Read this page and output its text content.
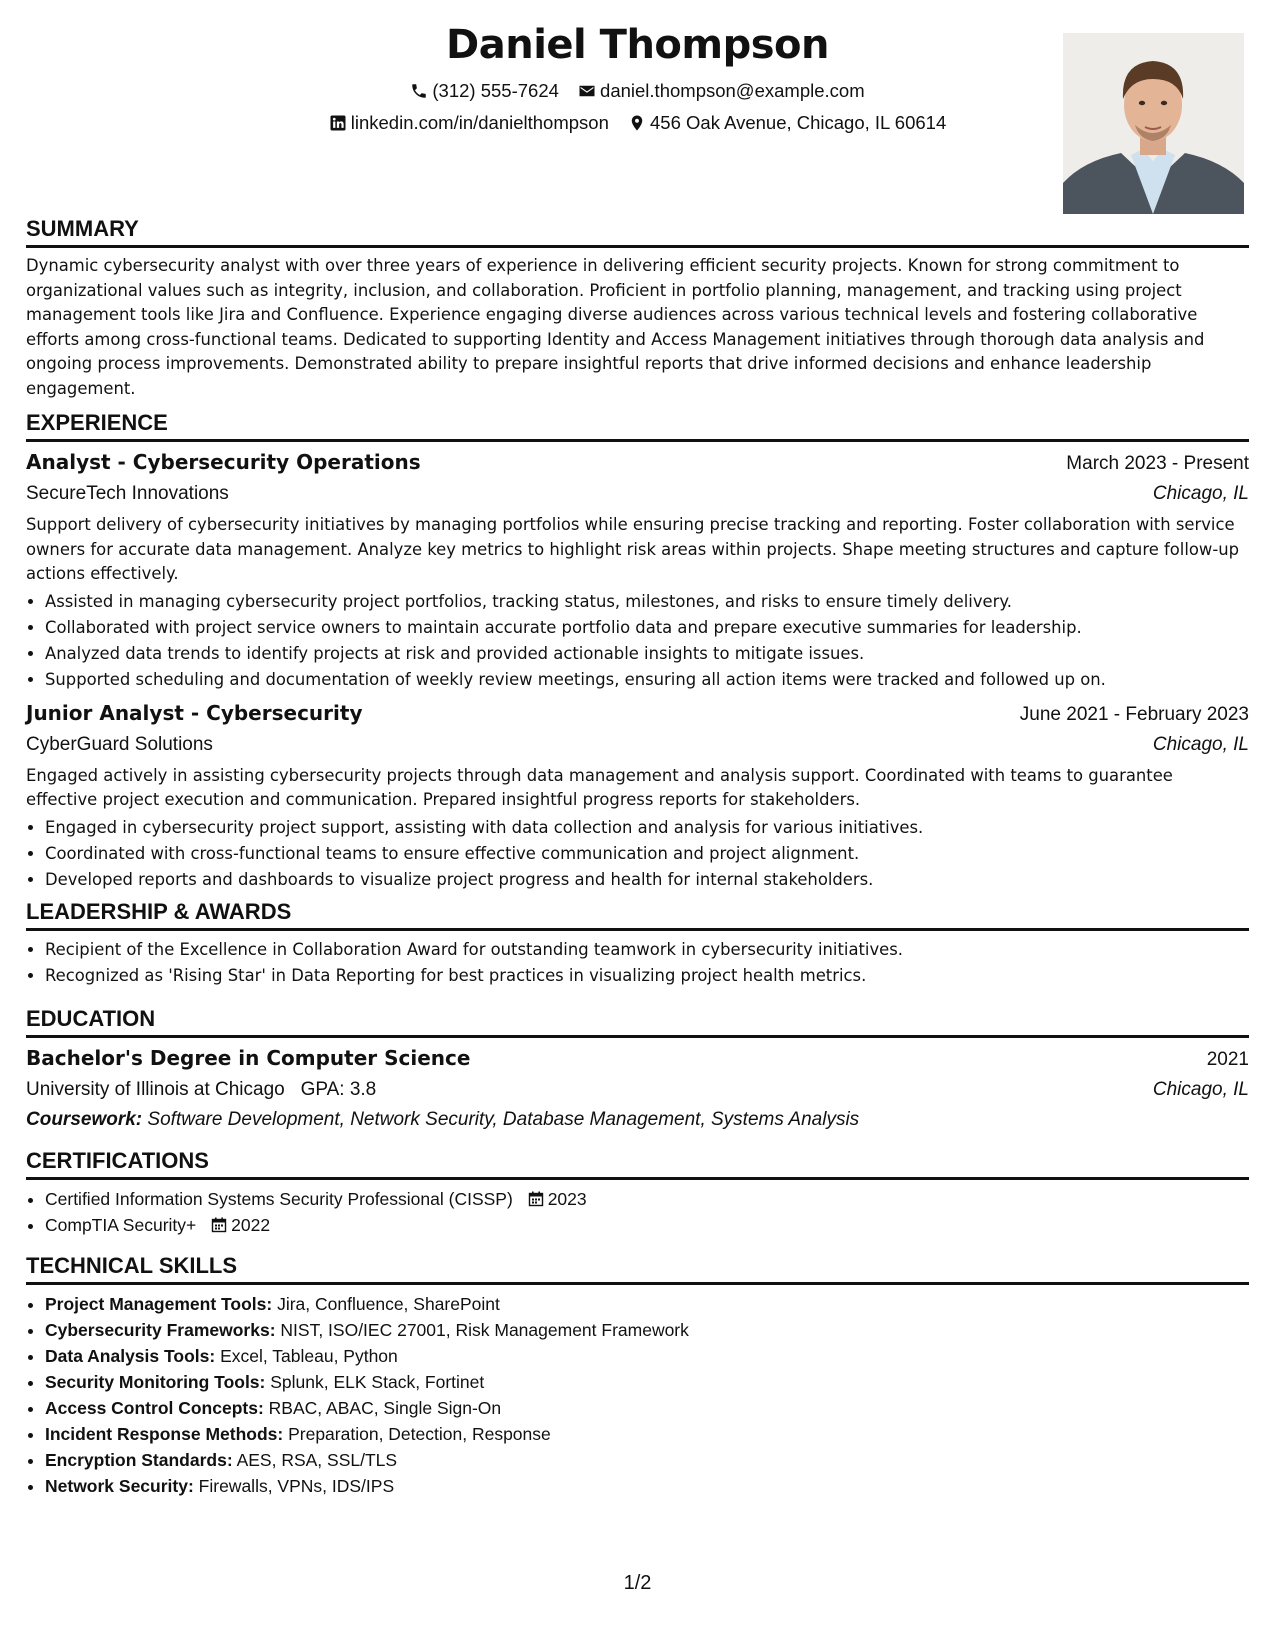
Daniel Thompson
(312) 555-7624
daniel.thompson@example.com
linkedin.com/in/danielthompson
456 Oak Avenue, Chicago, IL 60614
SUMMARY

Dynamic cybersecurity analyst with over three years of experience in delivering efficient security projects. Known for strong commitment to organizational values such as integrity, inclusion, and collaboration. Proficient in portfolio planning, management, and tracking using project management tools like Jira and Confluence. Experience engaging diverse audiences across various technical levels and fostering collaborative efforts among cross-functional teams. Dedicated to supporting Identity and Access Management initiatives through thorough data analysis and ongoing process improvements. Demonstrated ability to prepare insightful reports that drive informed decisions and enhance leadership engagement.

EXPERIENCE
Analyst - Cybersecurity Operations	March 2023 - Present
SecureTech Innovations	Chicago, IL

Support delivery of cybersecurity initiatives by managing portfolios while ensuring precise tracking and reporting. Foster collaboration with service owners for accurate data management. Analyze key metrics to highlight risk areas within projects. Shape meeting structures and capture follow-up actions effectively.

• Assisted in managing cybersecurity project portfolios, tracking status, milestones, and risks to ensure timely delivery.
• Collaborated with project service owners to maintain accurate portfolio data and prepare executive summaries for leadership.
• Analyzed data trends to identify projects at risk and provided actionable insights to mitigate issues.
• Supported scheduling and documentation of weekly review meetings, ensuring all action items were tracked and followed up on.
Junior Analyst - Cybersecurity	June 2021 - February 2023
CyberGuard Solutions	Chicago, IL

Engaged actively in assisting cybersecurity projects through data management and analysis support. Coordinated with teams to guarantee effective project execution and communication. Prepared insightful progress reports for stakeholders.

• Engaged in cybersecurity project support, assisting with data collection and analysis for various initiatives.
• Coordinated with cross-functional teams to ensure effective communication and project alignment.
• Developed reports and dashboards to visualize project progress and health for internal stakeholders.
LEADERSHIP & AWARDS
• Recipient of the Excellence in Collaboration Award for outstanding teamwork in cybersecurity initiatives.
• Recognized as 'Rising Star' in Data Reporting for best practices in visualizing project health metrics.
EDUCATION
Bachelor's Degree in Computer Science	2021
University of Illinois at Chicago GPA: 3.8	Chicago, IL
Coursework: Software Development, Network Security, Database Management, Systems Analysis
CERTIFICATIONS
• Certified Information Systems Security Professional (CISSP) 2023
• CompTIA Security+ 2022
TECHNICAL SKILLS
• Project Management Tools: Jira, Confluence, SharePoint
• Cybersecurity Frameworks: NIST, ISO/IEC 27001, Risk Management Framework
• Data Analysis Tools: Excel, Tableau, Python
• Security Monitoring Tools: Splunk, ELK Stack, Fortinet
• Access Control Concepts: RBAC, ABAC, Single Sign-On
• Incident Response Methods: Preparation, Detection, Response
• Encryption Standards: AES, RSA, SSL/TLS
• Network Security: Firewalls, VPNs, IDS/IPS
1/2
